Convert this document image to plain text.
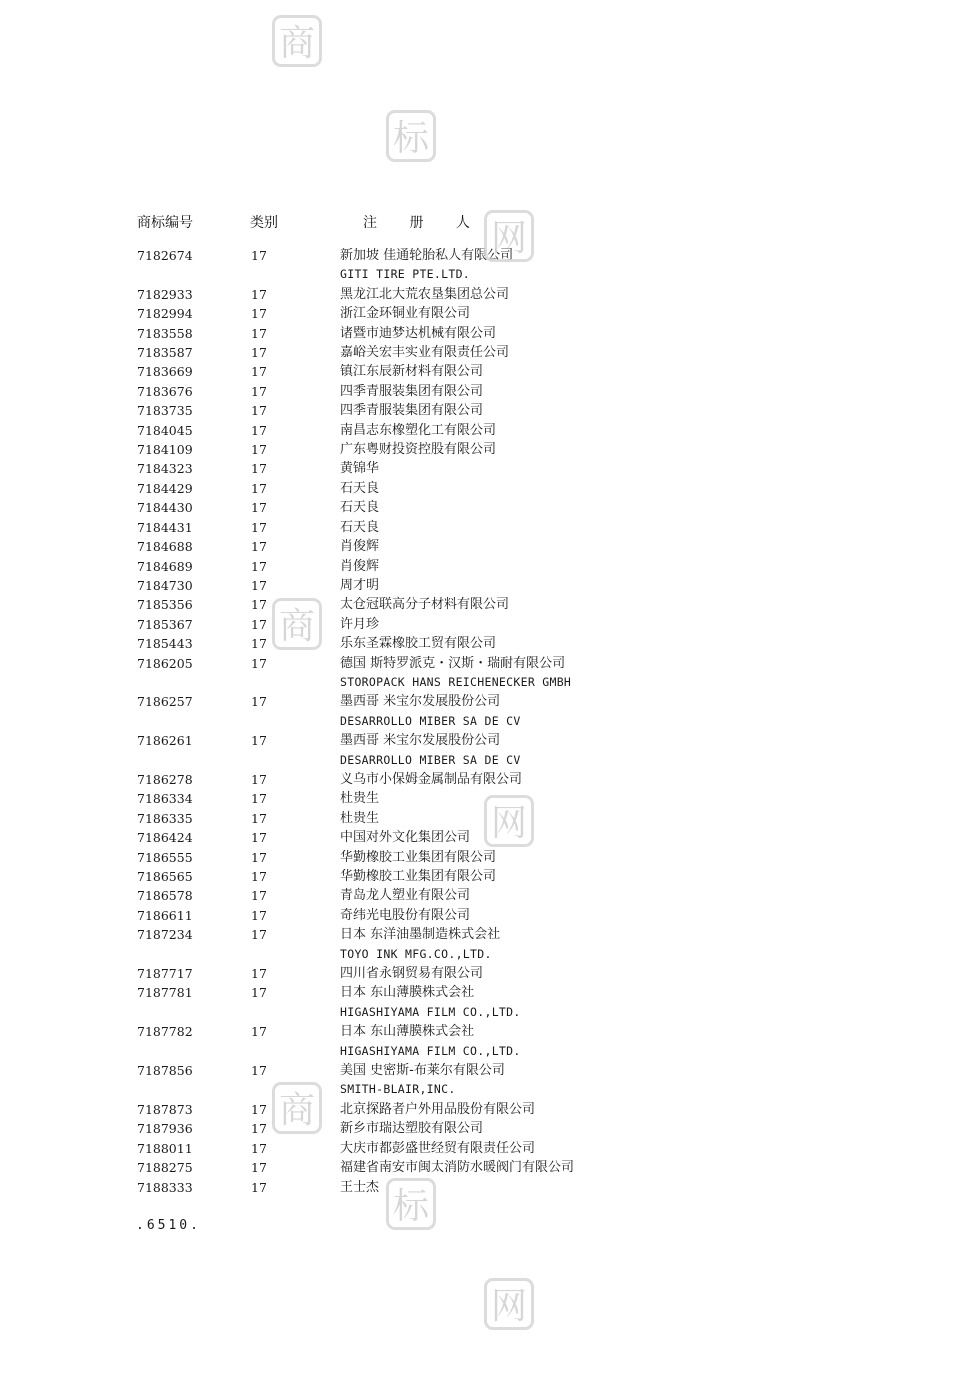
商
标
网
商
网
商
标
网
商标编号	类别	注 册 人
7182674	17	新加坡 佳通轮胎私人有限公司
GITI TIRE PTE.LTD.
7182933	17	黑龙江北大荒农垦集团总公司
7182994	17	浙江金环铜业有限公司
7183558	17	诸暨市迪梦达机械有限公司
7183587	17	嘉峪关宏丰实业有限责任公司
7183669	17	镇江东辰新材料有限公司
7183676	17	四季青服装集团有限公司
7183735	17	四季青服装集团有限公司
7184045	17	南昌志东橡塑化工有限公司
7184109	17	广东粤财投资控股有限公司
7184323	17	黄锦华
7184429	17	石天良
7184430	17	石天良
7184431	17	石天良
7184688	17	肖俊辉
7184689	17	肖俊辉
7184730	17	周才明
7185356	17	太仓冠联高分子材料有限公司
7185367	17	许月珍
7185443	17	乐东圣霖橡胶工贸有限公司
7186205	17	德国 斯特罗派克・汉斯・瑞耐有限公司
STOROPACK HANS REICHENECKER GMBH
7186257	17	墨西哥 米宝尔发展股份公司
DESARROLLO MIBER SA DE CV
7186261	17	墨西哥 米宝尔发展股份公司
DESARROLLO MIBER SA DE CV
7186278	17	义乌市小保姆金属制品有限公司
7186334	17	杜贵生
7186335	17	杜贵生
7186424	17	中国对外文化集团公司
7186555	17	华勤橡胶工业集团有限公司
7186565	17	华勤橡胶工业集团有限公司
7186578	17	青岛龙人塑业有限公司
7186611	17	奇纬光电股份有限公司
7187234	17	日本 东洋油墨制造株式会社
TOYO INK MFG.CO.,LTD.
7187717	17	四川省永钢贸易有限公司
7187781	17	日本 东山薄膜株式会社
HIGASHIYAMA FILM CO.,LTD.
7187782	17	日本 东山薄膜株式会社
HIGASHIYAMA FILM CO.,LTD.
7187856	17	美国 史密斯-布莱尔有限公司
SMITH-BLAIR,INC.
7187873	17	北京探路者户外用品股份有限公司
7187936	17	新乡市瑞达塑胶有限公司
7188011	17	大庆市都彭盛世经贸有限责任公司
7188275	17	福建省南安市闽太消防水暖阀门有限公司
7188333	17	王士杰
.6510.
